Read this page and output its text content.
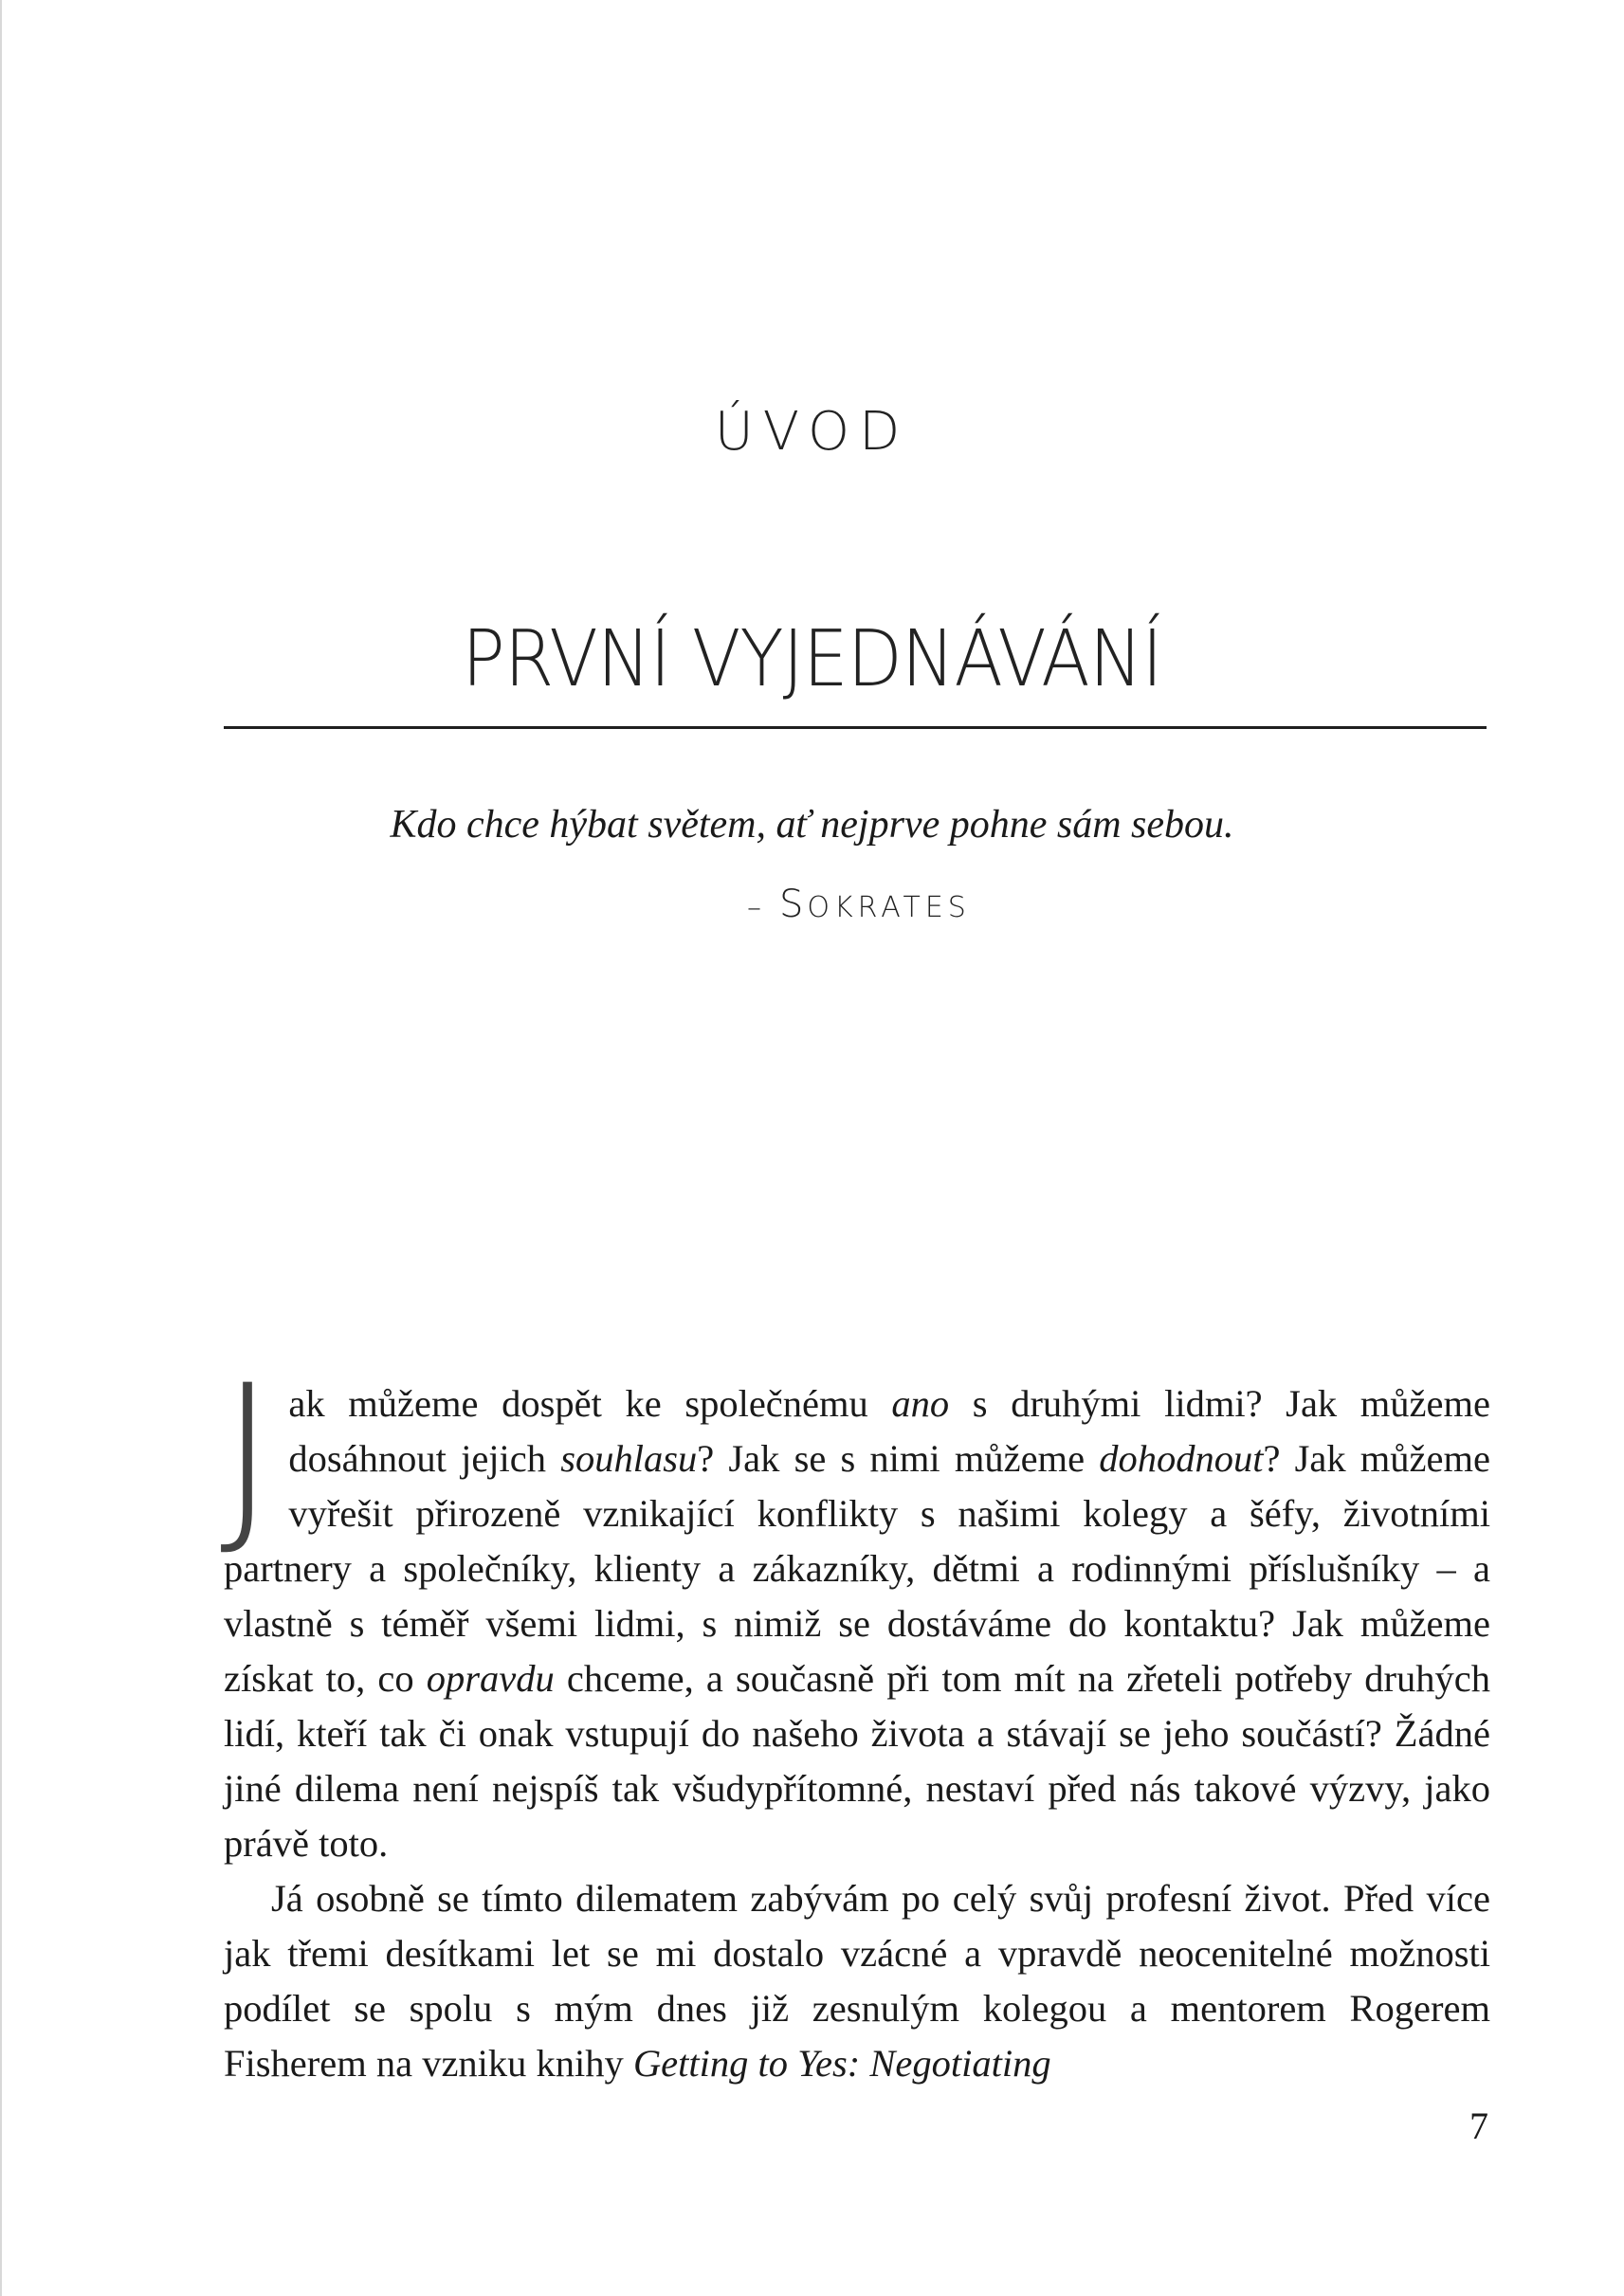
ÚVOD
PRVNÍ VYJEDNÁVÁNÍ
Kdo chce hýbat světem, ať nejprve pohne sám sebou.
– SOKRATES

Jak můžeme dospět ke společnému ano s druhými lidmi? Jak můžeme dosáhnout jejich souhlasu? Jak se s nimi můžeme dohodnout? Jak můžeme vyřešit přirozeně vznikající konflikty s našimi kolegy a šéfy, životními partnery a společníky, klienty a zákazníky, dětmi a rodinnými příslušníky – a vlastně s téměř všemi lidmi, s nimiž se dostáváme do kontaktu? Jak můžeme získat to, co opravdu chceme, a současně při tom mít na zřeteli potřeby druhých lidí, kteří tak či onak vstupují do našeho života a stávají se jeho součástí? Žádné jiné dilema není nejspíš tak všudypřítomné, nestaví před nás takové výzvy, jako právě toto.

Já osobně se tímto dilematem zabývám po celý svůj profesní život. Před více jak třemi desítkami let se mi dostalo vzácné a vpravdě neocenitelné možnosti podílet se spolu s mým dnes již zesnulým kolegou a mentorem Rogerem Fisherem na vzniku knihy Getting to Yes: Negotiating

7
